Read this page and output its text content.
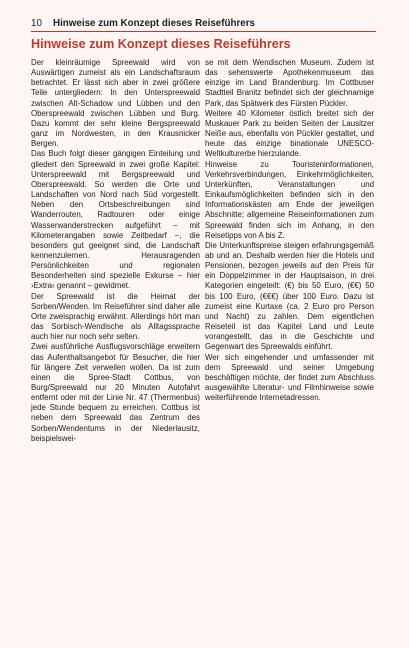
10	Hinweise zum Konzept dieses Reiseführers
Hinweise zum Konzept dieses Reiseführers

Der kleinräumige Spreewald wird von Auswärtigen zumeist als ein Landschaftsraum betrachtet. Er lässt sich aber in zwei größere Teile untergliedern: In den Unterspreewald zwischen Alt-Schadow und Lübben und den Oberspreewald zwischen Lübben und Burg. Dazu kommt der sehr kleine Bergspreewald ganz im Nordwesten, in den Krausnicker Bergen.

Das Buch folgt dieser gängigen Einteilung und gliedert den Spreewald in zwei große Kapitel: Unterspreewald mit Bergspreewald und Oberspreewald. So werden die Orte und Landschaften von Nord nach Süd vorgestellt. Neben den Ortsbeschreibungen sind Wanderrouten, Radtouren oder einige Wasserwanderstrecken aufgeführt – mit Kilometerangaben sowie Zeitbedarf –, die besonders gut geeignet sind, die Landschaft kennenzulernen. Herausragenden Persönlichkeiten und regionalen Besonderheiten sind spezielle Exkurse – hier ›Extra‹ genannt – gewidmet.

Der Spreewald ist die Heimat der Sorben/Wenden. Im Reiseführer sind daher alle Orte zweisprachig erwähnt. Allerdings hört man das Sorbisch-Wendische als Alltagssprache auch hier nur noch sehr selten.

Zwei ausführliche Ausflugsvorschläge erweitern das Aufenthaltsangebot für Besucher, die hier für längere Zeit verweilen wollen. Da ist zum einen die Spree-Stadt Cottbus, von Burg/Spreewald nur 20 Minuten Autofahrt entfernt oder mit der Linie Nr. 47 (Thermenbus) jede Stunde bequem zu erreichen. Cottbus ist neben dem Spreewald das Zentrum des Sorben/Wendentums in der Niederlausitz, beispielswei-

se mit dem Wendischen Museum. Zudem ist das sehenswerte Apothekenmuseum das einzige im Land Brandenburg. Im Cottbuser Stadtteil Branitz befindet sich der gleichnamige Park, das Spätwerk des Fürsten Pückler.

Weitere 40 Kilometer östlich breitet sich der Muskauer Park zu beiden Seiten der Lausitzer Neiße aus, ebenfalls von Pückler gestaltet, und heute das einzige binationale UNESCO-Weltkulturerbe hierzulande.

Hinweise zu Touristeninformationen, Verkehrsverbindungen, Einkehrmöglichkeiten, Unterkünften, Veranstaltungen und Einkaufsmöglichkeiten befinden sich in den Informationskästen am Ende der jeweiligen Abschnitte; allgemeine Reiseinformationen zum Spreewald finden sich im Anhang, in den Reisetipps von A bis Z.

Die Unterkunftspreise steigen erfahrungsgemäß ab und an. Deshalb werden hier die Hotels und Pensionen, bezogen jeweils auf den Preis für ein Doppelzimmer in der Hauptsaison, in drei Kategorien eingeteilt: (€) bis 50 Euro, (€€) 50 bis 100 Euro, (€€€) über 100 Euro. Dazu ist zumeist eine Kurtaxe (ca. 2 Euro pro Person und Nacht) zu zahlen. Dem eigentlichen Reiseteil ist das Kapitel Land und Leute vorangestellt, das in die Geschichte und Gegenwart des Spreewalds einführt.

Wer sich eingehender und umfassender mit dem Spreewald und seiner Umgebung beschäftigen möchte, der findet zum Abschluss ausgewählte Literatur- und Filmhinweise sowie weiterführende Internetadressen.
